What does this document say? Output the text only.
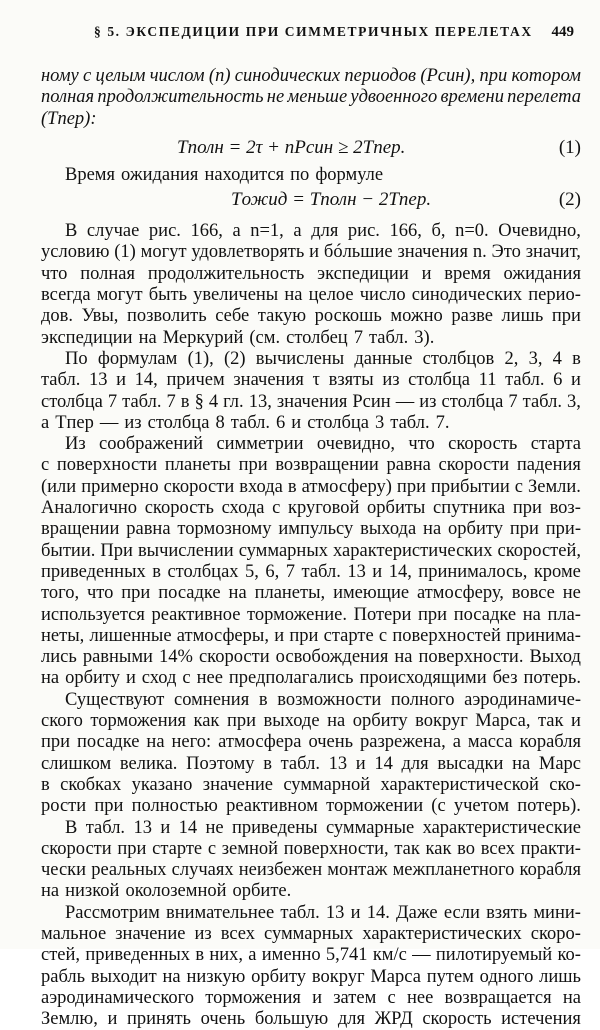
§ 5. ЭКСПЕДИЦИИ ПРИ СИММЕТРИЧНЫХ ПЕРЕЛЕТАХ 449
ному с целым числом (n) синодических периодов (Pсин), при котором
полная продолжительность не меньше удвоенного времени перелета
(Tпер):
Tполн = 2τ + nPсин ≥ 2Tпер.	(1)
Время ожидания находится по формуле
Tожид = Tполн − 2Tпер.	(2)
В случае рис. 166, а n=1, а для рис. 166, б, n=0. Очевидно,
условию (1) могут удовлетворять и бóльшие значения n. Это значит,
что полная продолжительность экспедиции и время ожидания
всегда могут быть увеличены на целое число синодических перио-
дов. Увы, позволить себе такую роскошь можно разве лишь при
экспедиции на Меркурий (см. столбец 7 табл. 3).
По формулам (1), (2) вычислены данные столбцов 2, 3, 4 в
табл. 13 и 14, причем значения τ взяты из столбца 11 табл. 6 и
столбца 7 табл. 7 в § 4 гл. 13, значения Pсин — из столбца 7 табл. 3,
а Tпер — из столбца 8 табл. 6 и столбца 3 табл. 7.
Из соображений симметрии очевидно, что скорость старта
с поверхности планеты при возвращении равна скорости падения
(или примерно скорости входа в атмосферу) при прибытии с Земли.
Аналогично скорость схода с круговой орбиты спутника при воз-
вращении равна тормозному импульсу выхода на орбиту при при-
бытии. При вычислении суммарных характеристических скоростей,
приведенных в столбцах 5, 6, 7 табл. 13 и 14, принималось, кроме
того, что при посадке на планеты, имеющие атмосферу, вовсе не
используется реактивное торможение. Потери при посадке на пла-
неты, лишенные атмосферы, и при старте с поверхностей принима-
лись равными 14% скорости освобождения на поверхности. Выход
на орбиту и сход с нее предполагались происходящими без потерь.
Существуют сомнения в возможности полного аэродинамиче-
ского торможения как при выходе на орбиту вокруг Марса, так и
при посадке на него: атмосфера очень разрежена, а масса корабля
слишком велика. Поэтому в табл. 13 и 14 для высадки на Марс
в скобках указано значение суммарной характеристической ско-
рости при полностью реактивном торможении (с учетом потерь).
В табл. 13 и 14 не приведены суммарные характеристические
скорости при старте с земной поверхности, так как во всех практи-
чески реальных случаях неизбежен монтаж межпланетного корабля
на низкой околоземной орбите.
Рассмотрим внимательнее табл. 13 и 14. Даже если взять мини-
мальное значение из всех суммарных характеристических скоро-
стей, приведенных в них, а именно 5,741 км/с — пилотируемый ко-
рабль выходит на низкую орбиту вокруг Марса путем одного лишь
аэродинамического торможения и затем с нее возвращается на
Землю, и принять очень большую для ЖРД скорость истечения
